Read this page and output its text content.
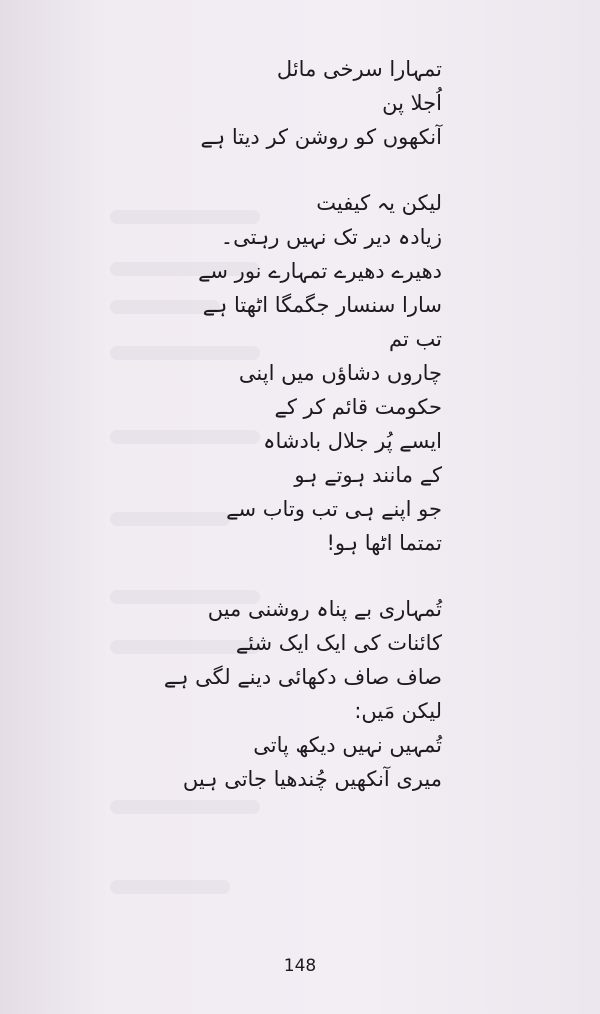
تمہارا سرخی مائل
اُجلا پن
آنکھوں کو روشن کر دیتا ہے
لیکن یہ کیفیت
زیادہ دیر تک نہیں رہتی۔
دھیرے دھیرے تمہارے نور سے
سارا سنسار جگمگا اٹھتا ہے
تب تم
چاروں دشاؤں میں اپنی
حکومت قائم کر کے
ایسے پُر جلال بادشاہ
کے مانند ہوتے ہو
جو اپنے ہی تب وتاب سے
تمتما اٹھا ہو!
تُمہاری بے پناہ روشنی میں
کائنات کی ایک ایک شئے
صاف صاف دکھائی دینے لگی ہے
لیکن مَیں:
تُمہیں نہیں دیکھ پاتی
میری آنکھیں چُندھیا جاتی ہیں
148
